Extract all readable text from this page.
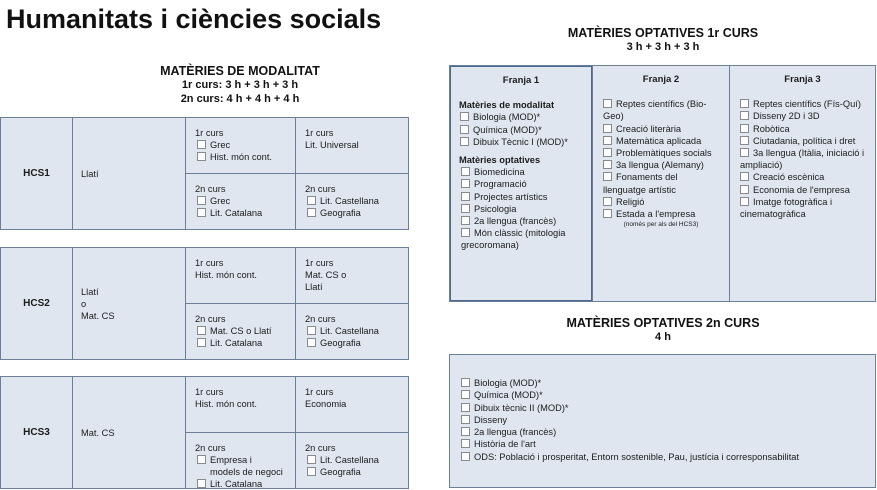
Humanitats i ciències socials
MATÈRIES DE MODALITAT
1r curs: 3 h + 3 h + 3 h
2n curs: 4 h + 4 h + 4 h
HCS1	Llatí
1r curs
Grec
Hist. món cont.
1r curs
Lit. Universal
2n curs
Grec
Lit. Catalana
2n curs
Lit. Castellana
Geografia
HCS2
Llatí
o
Mat. CS
1r curs
Hist. món cont.
1r curs
Mat. CS o
Llatí
2n curs
Mat. CS o Llatí
Lit. Catalana
2n curs
Lit. Castellana
Geografia
HCS3	Mat. CS
1r curs
Hist. món cont.
1r curs
Economia
2n curs
Empresa i
models de negoci
Lit. Catalana
2n curs
Lit. Castellana
Geografia
MATÈRIES OPTATIVES 1r CURS
3 h + 3 h + 3 h
Franja 1
Matèries de modalitat
Biologia (MOD)*
Química (MOD)*
Dibuix Tècnic I (MOD)*
Matèries optatives
Biomedicina
Programació
Projectes artístics
Psicologia
2a llengua (francès)
Món clàssic (mitologia grecoromana)
Franja 2
Reptes científics (Bio-Geo)
Creació literària
Matemàtica aplicada
Problemàtiques socials
3a llengua (Alemany)
Fonaments del llenguatge artístic
Religió
Estada a l'empresa
(només per als del HCS3)
Franja 3
Reptes científics (Fís-Quí)
Disseny 2D i 3D
Robòtica
Ciutadania, política i dret
3a llengua (Itàlia, iniciació i ampliació)
Creació escènica
Economia de l'empresa
Imatge fotogràfica i cinematogràfica
MATÈRIES OPTATIVES 2n CURS
4 h
Biologia (MOD)*
Química (MOD)*
Dibuix tècnic II (MOD)*
Disseny
2a llengua (francès)
Història de l'art
ODS: Població i prosperitat, Entorn sostenible, Pau, justícia i corresponsabilitat
